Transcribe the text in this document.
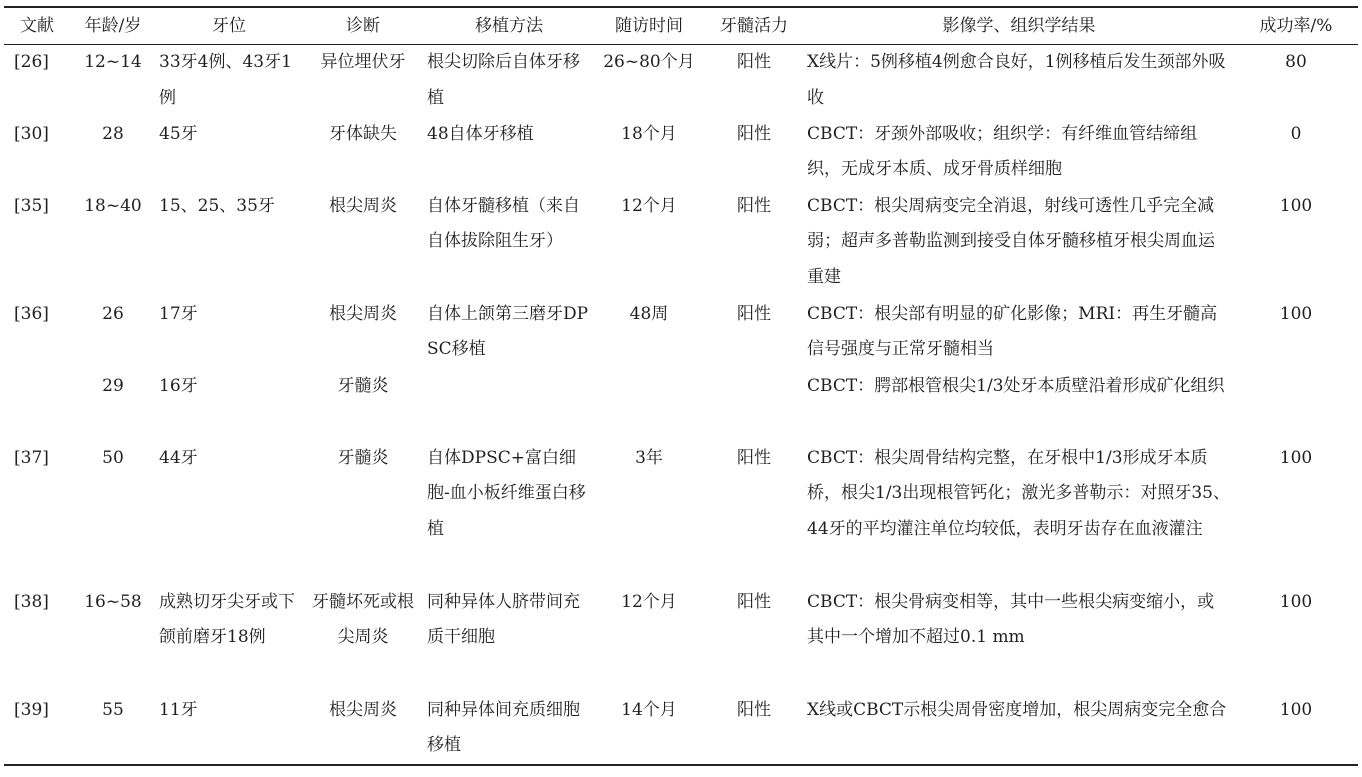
文献	年龄/岁	牙位	诊断	移植方法	随访时间	牙髓活力	影像学、组织学结果	成功率/%
[26]	12~14	33牙4例、43牙1例	异位埋伏牙	根尖切除后自体牙移植	26~80个月	阳性	X线片：5例移植4例愈合良好，1例移植后发生颈部外吸收	80
[30]	28	45牙	牙体缺失	48自体牙移植	18个月	阳性	CBCT：牙颈外部吸收；组织学：有纤维血管结缔组织，无成牙本质、成牙骨质样细胞	0
[35]	18~40	15、25、35牙	根尖周炎	自体牙髓移植（来自自体拔除阻生牙）	12个月	阳性	CBCT：根尖周病变完全消退，射线可透性几乎完全减弱；超声多普勒监测到接受自体牙髓移植牙根尖周血运重建	100
[36]	26	17牙	根尖周炎	自体上颌第三磨牙DPSC移植	48周	阳性	CBCT：根尖部有明显的矿化影像；MRI：再生牙髓高信号强度与正常牙髓相当	100
	29	16牙	牙髓炎				CBCT：腭部根管根尖1/3处牙本质壁沿着形成矿化组织	
[37]	50	44牙	牙髓炎	自体DPSC+富白细胞-血小板纤维蛋白移植	3年	阳性	CBCT：根尖周骨结构完整，在牙根中1/3形成牙本质桥，根尖1/3出现根管钙化；激光多普勒示：对照牙35、44牙的平均灌注单位均较低，表明牙齿存在血液灌注	100
[38]	16~58	成熟切牙尖牙或下颌前磨牙18例	牙髓坏死或根尖周炎	同种异体人脐带间充质干细胞	12个月	阳性	CBCT：根尖骨病变相等，其中一些根尖病变缩小，或其中一个增加不超过0.1 mm	100
[39]	55	11牙	根尖周炎	同种异体间充质细胞移植	14个月	阳性	X线或CBCT示根尖周骨密度增加，根尖周病变完全愈合	100
